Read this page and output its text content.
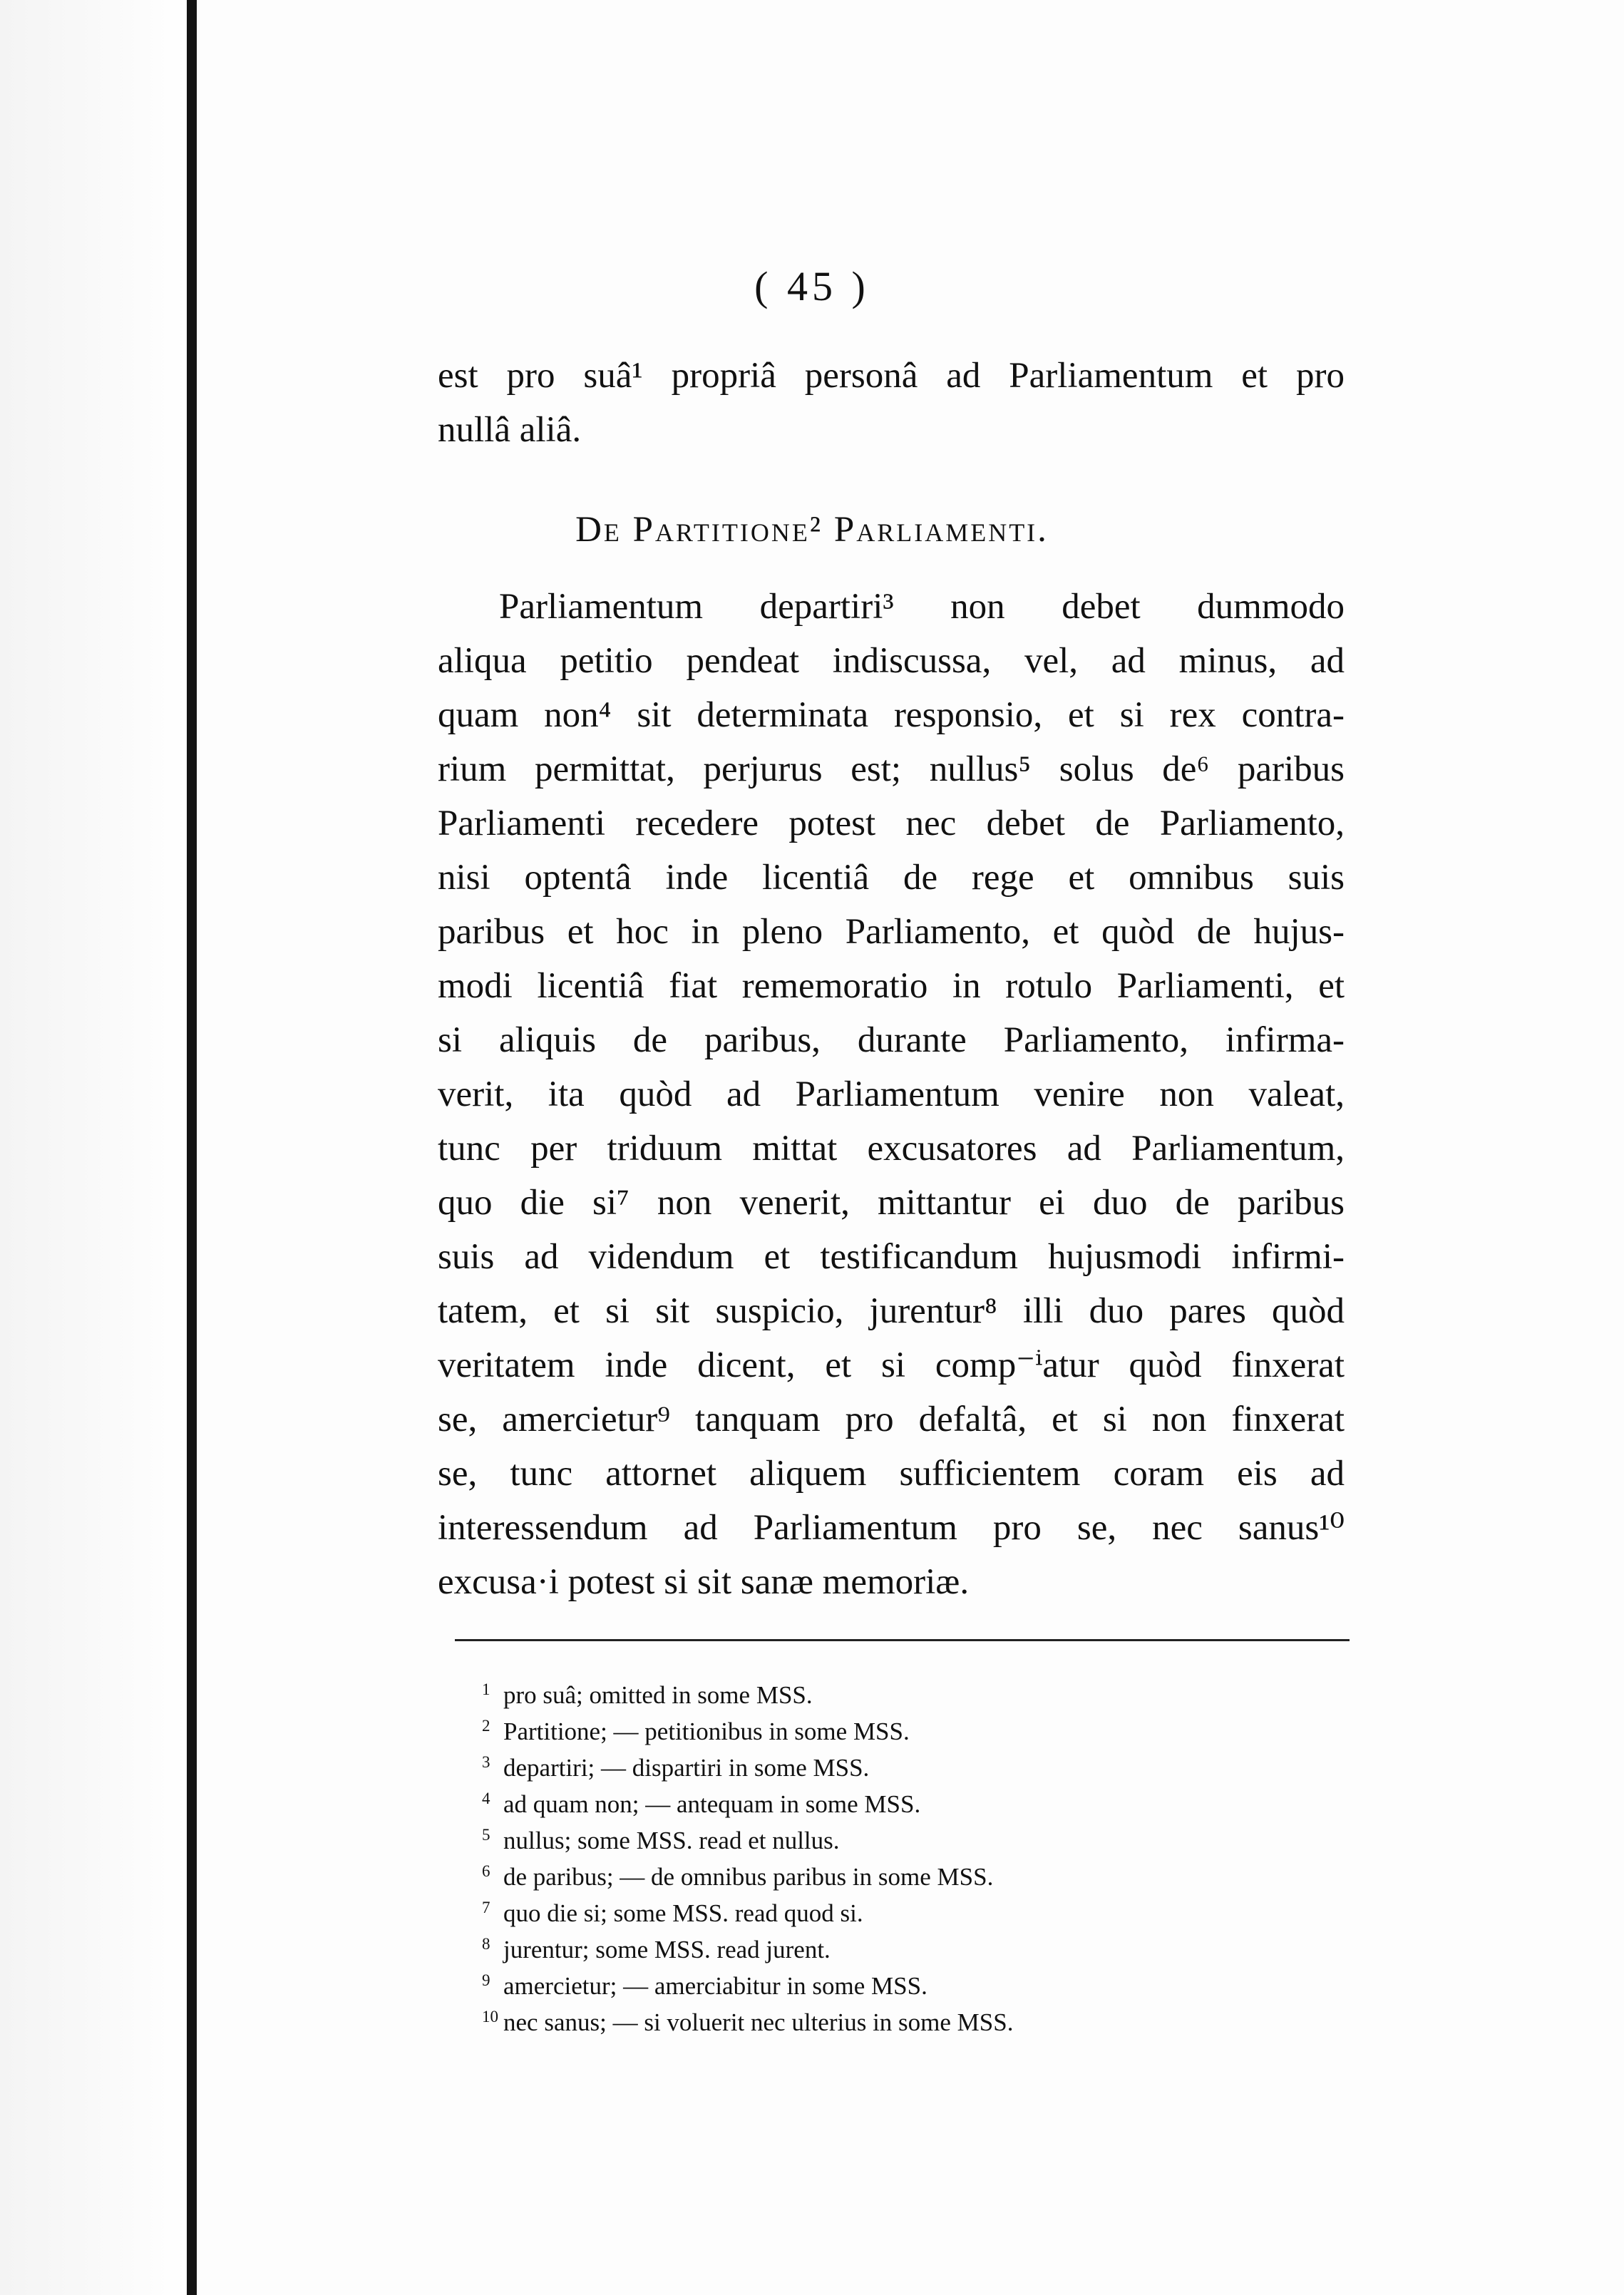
( 45 )
est pro suâ¹ propriâ personâ ad Parliamentum et pro
nullâ aliâ.
De Partitione² Parliamenti.
Parliamentum departiri³ non debet dummodo
aliqua petitio pendeat indiscussa, vel, ad minus, ad
quam non⁴ sit determinata responsio, et si rex contra-
rium permittat, perjurus est; nullus⁵ solus de⁶ paribus
Parliamenti recedere potest nec debet de Parliamento,
nisi optentâ inde licentiâ de rege et omnibus suis
paribus et hoc in pleno Parliamento, et quòd de hujus-
modi licentiâ fiat rememoratio in rotulo Parliamenti, et
si aliquis de paribus, durante Parliamento, infirma-
verit, ita quòd ad Parliamentum venire non valeat,
tunc per triduum mittat excusatores ad Parliamentum,
quo die si⁷ non venerit, mittantur ei duo de paribus
suis ad videndum et testificandum hujusmodi infirmi-
tatem, et si sit suspicio, jurentur⁸ illi duo pares quòd
veritatem inde dicent, et si comp⁻ⁱatur quòd finxerat
se, amercietur⁹ tanquam pro defaltâ, et si non finxerat
se, tunc attornet aliquem sufficientem coram eis ad
interessendum ad Parliamentum pro se, nec sanus¹⁰
excusa·i potest si sit sanæ memoriæ.
1 pro suâ; omitted in some MSS.
2 Partitione; — petitionibus in some MSS.
3 departiri; — dispartiri in some MSS.
4 ad quam non; — antequam in some MSS.
5 nullus; some MSS. read et nullus.
6 de paribus; — de omnibus paribus in some MSS.
7 quo die si; some MSS. read quod si.
8 jurentur; some MSS. read jurent.
9 amercietur; — amerciabitur in some MSS.
10 nec sanus; — si voluerit nec ulterius in some MSS.
